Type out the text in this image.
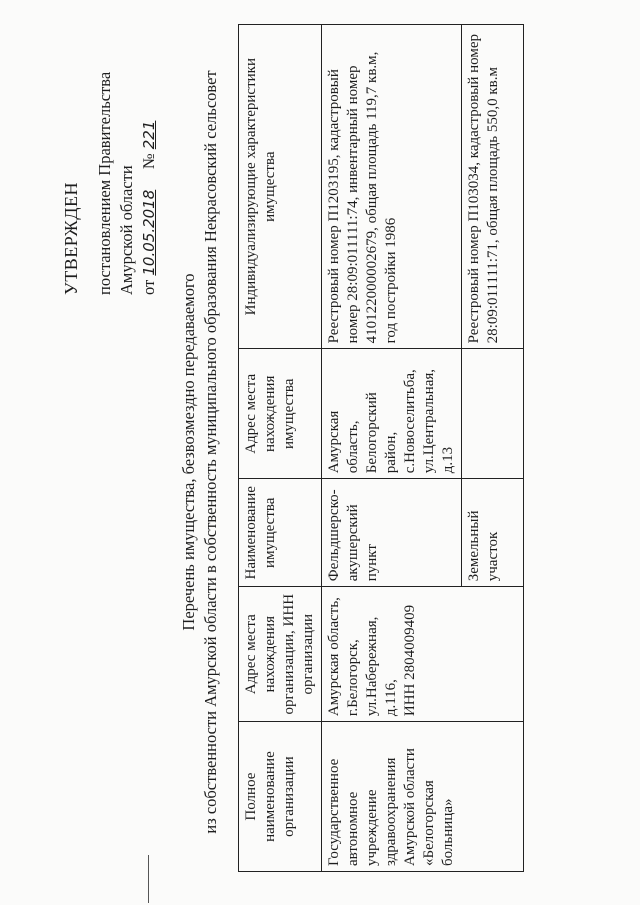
УТВЕРЖДЕН постановлением Правительства Амурской области от 10.05.2018     № 221
Перечень имущества, безвозмездно передаваемого из собственности Амурской области в собственность муниципального образования Некрасовский сельсовет Полное наименование организации	Адрес места нахождения организации, ИНН организации	Наименование имущества	Адрес места нахождения имущества	Индивидуализирующие характеристики имущества
Государственное автономное учреждение здравоохранения Амурской области «Белогорская больница»	Амурская область, г.Белогорск, ул.Набережная, д.116, ИНН 2804009409	Фельдшерско-акушерский пункт	Амурская область, Белогорский район, с.Новоселитьба, ул.Центральная, д.13	Реестровый номер П1203195, кадастровый номер 28:09:011111:74, инвентарный номер 410122000002679, общая площадь 119,7 кв.м, год постройки 1986
		Земельный участок		Реестровый номер П103034, кадастровый номер 28:09:011111:71, общая площадь 550,0 кв.м
